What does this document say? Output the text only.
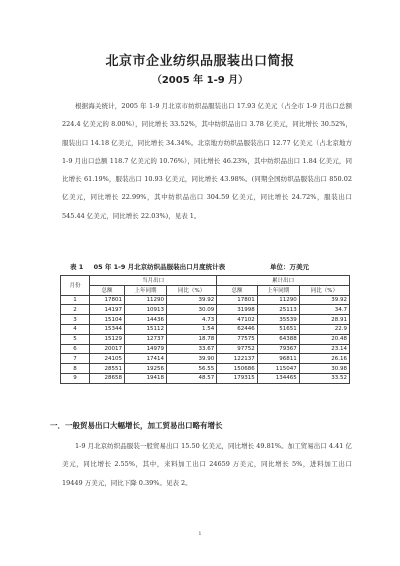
北京市企业纺织品服装出口简报
（2005 年 1-9 月）

根据海关统计，2005 年 1-9 月北京市纺织品服装出口 17.93 亿美元（占全市 1-9 月出口总额 224.4 亿美元的 8.00%），同比增长 33.52%，其中纺织品出口 3.78 亿美元，同比增长 30.52%，服装出口 14.18 亿美元，同比增长 34.34%。北京地方纺织品服装出口 12.77 亿美元（占北京地方 1-9 月出口总额 118.7 亿美元的 10.76%），同比增长 46.23%，其中纺织品出口 1.84 亿美元，同比增长 61.19%，服装出口 10.93 亿美元，同比增长 43.98%。(同期全国纺织品服装出口 850.02 亿美元，同比增长 22.99%，其中纺织品出口 304.59 亿美元，同比增长 24.72%，服装出口 545.44 亿美元，同比增长 22.03%)，见表 1。

表 1 05 年 1-9 月北京纺织品服装出口月度统计表	单位：万美元
月份	当月出口			累计出口		
	总额	上年同期	同比（%）	总额	上年同期	同比（%）
1	17801	11290	39.92	17801	11290	39.92
2	14197	10913	30.09	31998	25113	34.7
3	15104	14436	4.73	47102	35539	28.91
4	15344	15112	1.54	62446	51651	22.9
5	15129	12737	18.78	77575	64388	20.48
6	20017	14979	33.67	97752	79367	23.14
7	24105	17414	39.90	122137	96811	26.16
8	28551	19256	56.55	150686	115047	30.98
9	28658	19418	48.57	179315	134465	33.52
一．一般贸易出口大幅增长，加工贸易出口略有增长

1-9 月北京纺织品服装一般贸易出口 15.50 亿美元，同比增长 49.81%。加工贸易出口 4.41 亿美元，同比增长 2.55%，其中，来料加工出口 24659 万美元，同比增长 5%，进料加工出口 19449 万美元，同比下降 0.39%。见表 2。

1
